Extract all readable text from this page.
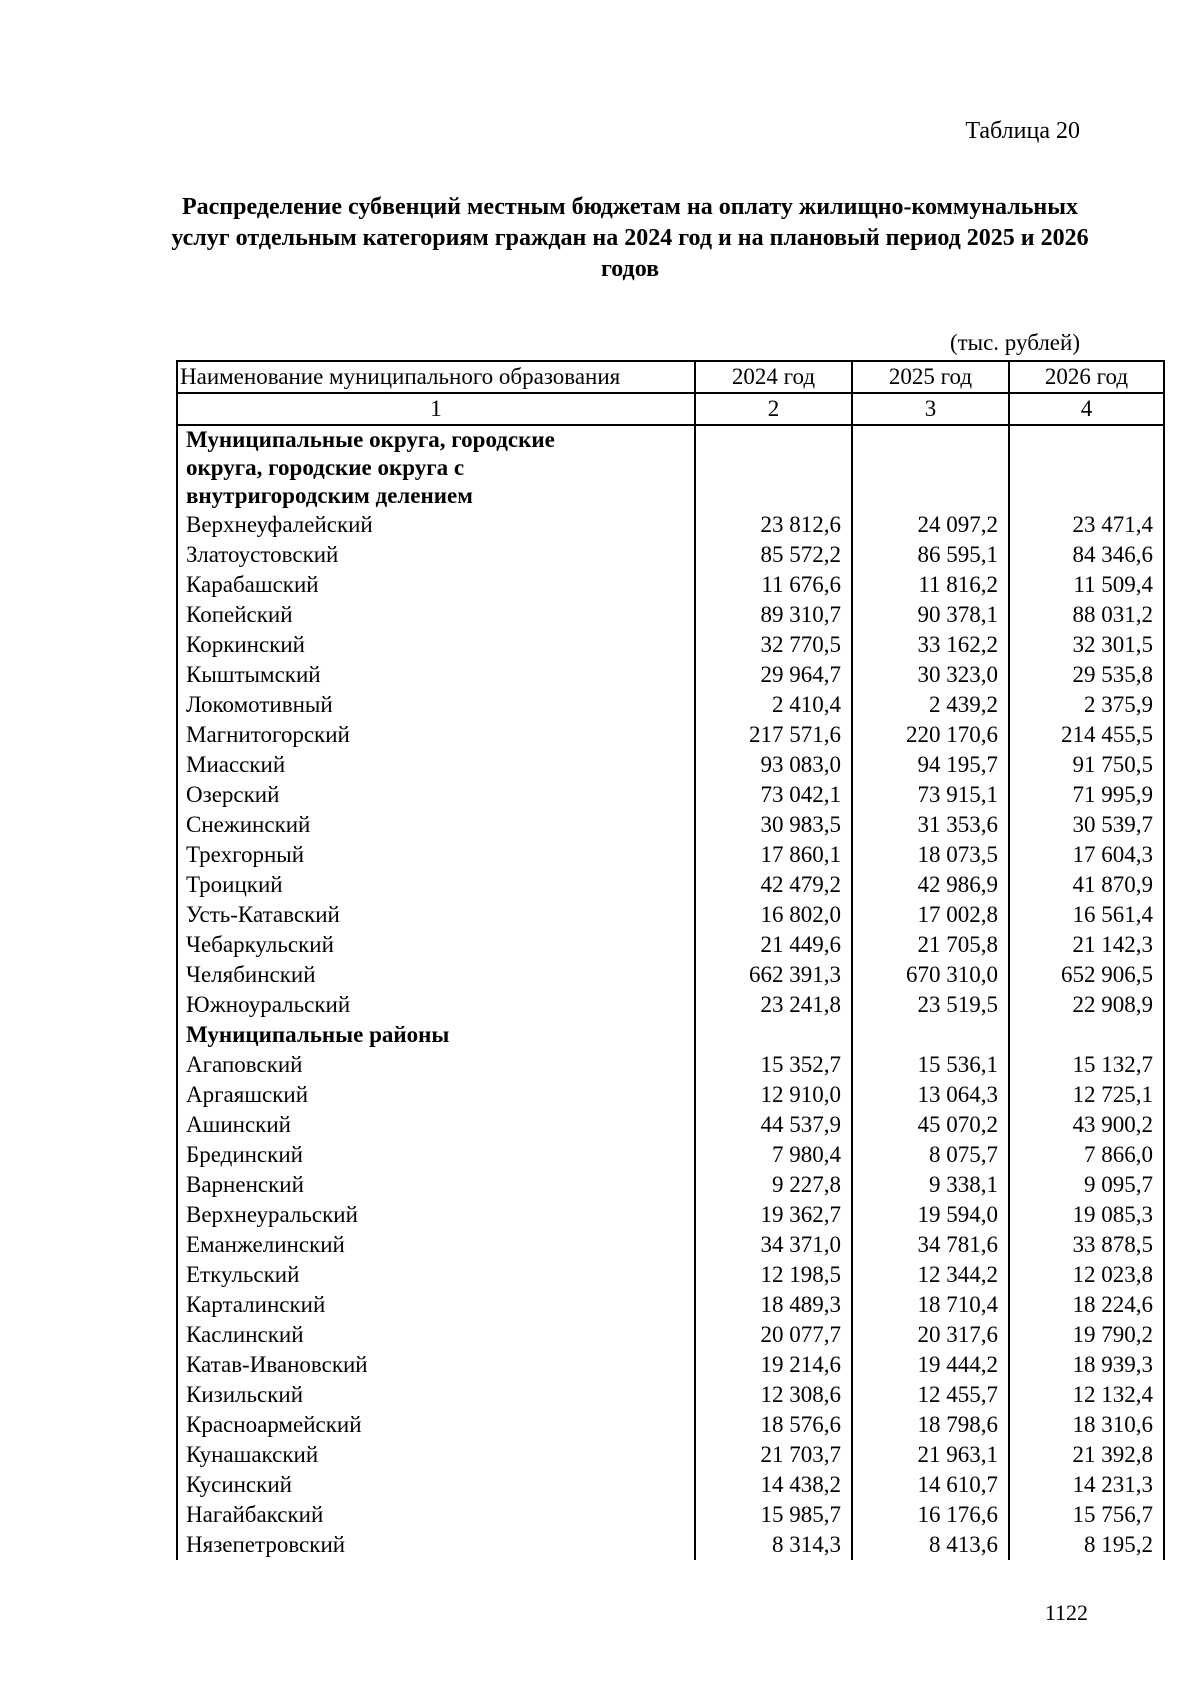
Таблица 20
Распределение субвенций местным бюджетам на оплату жилищно-коммунальных услуг отдельным категориям граждан на 2024 год и на плановый период 2025 и 2026 годов
(тыс. рублей)
Наименование муниципального образования	2024 год	2025 год	2026 год
1	2	3	4
Муниципальные округа, городские округа, городские округа с внутригородским делением			
Верхнеуфалейский	23 812,6	24 097,2	23 471,4
Златоустовский	85 572,2	86 595,1	84 346,6
Карабашский	11 676,6	11 816,2	11 509,4
Копейский	89 310,7	90 378,1	88 031,2
Коркинский	32 770,5	33 162,2	32 301,5
Кыштымский	29 964,7	30 323,0	29 535,8
Локомотивный	2 410,4	2 439,2	2 375,9
Магнитогорский	217 571,6	220 170,6	214 455,5
Миасский	93 083,0	94 195,7	91 750,5
Озерский	73 042,1	73 915,1	71 995,9
Снежинский	30 983,5	31 353,6	30 539,7
Трехгорный	17 860,1	18 073,5	17 604,3
Троицкий	42 479,2	42 986,9	41 870,9
Усть-Катавский	16 802,0	17 002,8	16 561,4
Чебаркульский	21 449,6	21 705,8	21 142,3
Челябинский	662 391,3	670 310,0	652 906,5
Южноуральский	23 241,8	23 519,5	22 908,9
Муниципальные районы			
Агаповский	15 352,7	15 536,1	15 132,7
Аргаяшский	12 910,0	13 064,3	12 725,1
Ашинский	44 537,9	45 070,2	43 900,2
Брединский	7 980,4	8 075,7	7 866,0
Варненский	9 227,8	9 338,1	9 095,7
Верхнеуральский	19 362,7	19 594,0	19 085,3
Еманжелинский	34 371,0	34 781,6	33 878,5
Еткульский	12 198,5	12 344,2	12 023,8
Карталинский	18 489,3	18 710,4	18 224,6
Каслинский	20 077,7	20 317,6	19 790,2
Катав-Ивановский	19 214,6	19 444,2	18 939,3
Кизильский	12 308,6	12 455,7	12 132,4
Красноармейский	18 576,6	18 798,6	18 310,6
Кунашакский	21 703,7	21 963,1	21 392,8
Кусинский	14 438,2	14 610,7	14 231,3
Нагайбакский	15 985,7	16 176,6	15 756,7
Нязепетровский	8 314,3	8 413,6	8 195,2
1122
